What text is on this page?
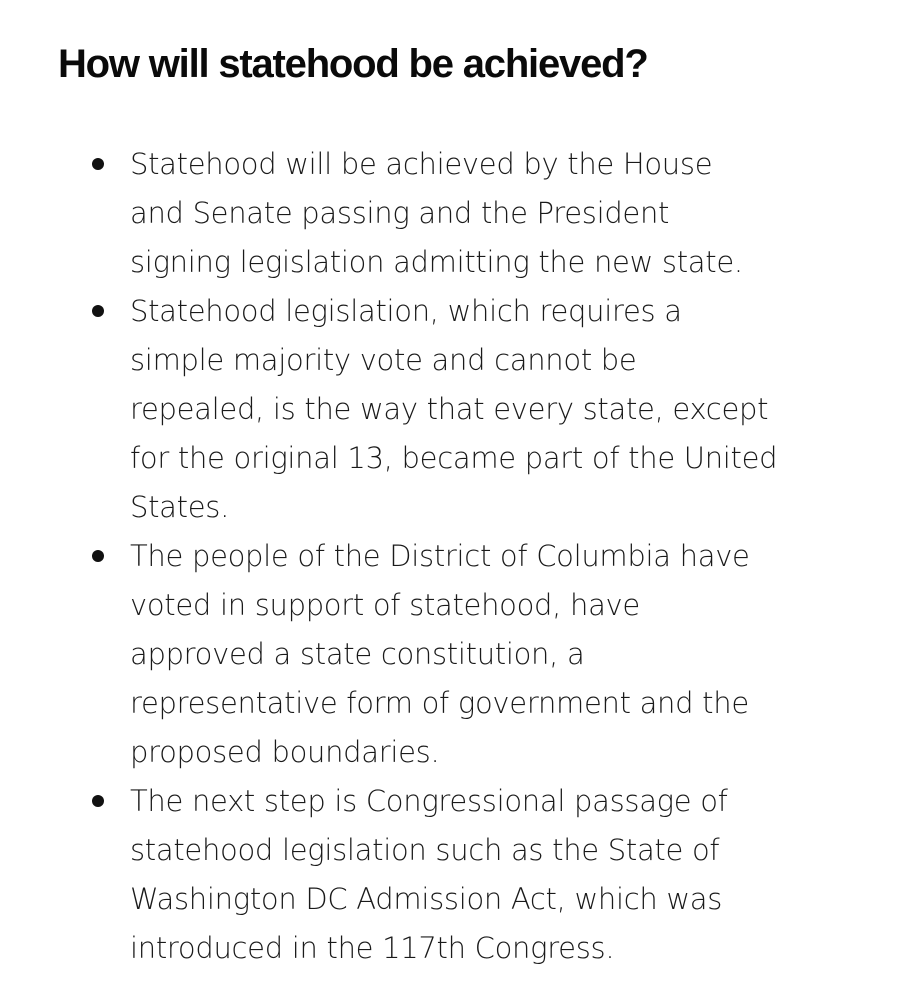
How will statehood be achieved?
Statehood will be achieved by the House
and Senate passing and the President
signing legislation admitting the new state.
Statehood legislation, which requires a
simple majority vote and cannot be
repealed, is the way that every state, except
for the original 13, became part of the United
States.
The people of the District of Columbia have
voted in support of statehood, have
approved a state constitution, a
representative form of government and the
proposed boundaries.
The next step is Congressional passage of
statehood legislation such as the State of
Washington DC Admission Act, which was
introduced in the 117th Congress.
